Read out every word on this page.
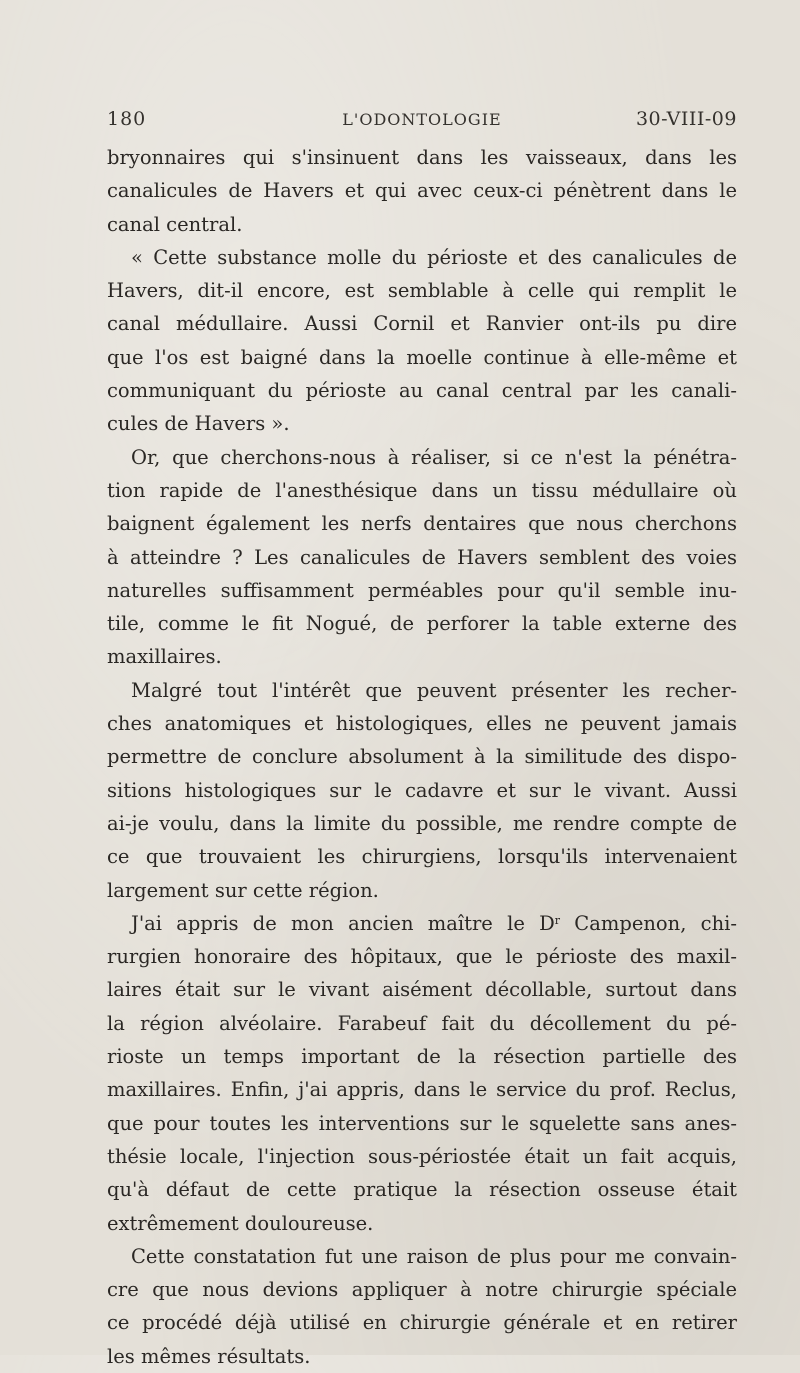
180	L'ODONTOLOGIE	30-VIII-09
bryonnaires qui s'insinuent dans les vaisseaux, dans les
canalicules de Havers et qui avec ceux-ci pénètrent dans le
canal central.
« Cette substance molle du périoste et des canalicules de
Havers, dit-il encore, est semblable à celle qui remplit le
canal médullaire. Aussi Cornil et Ranvier ont-ils pu dire
que l'os est baigné dans la moelle continue à elle-même et
communiquant du périoste au canal central par les canali-
cules de Havers ».
Or, que cherchons-nous à réaliser, si ce n'est la pénétra-
tion rapide de l'anesthésique dans un tissu médullaire où
baignent également les nerfs dentaires que nous cherchons
à atteindre ? Les canalicules de Havers semblent des voies
naturelles suffisamment perméables pour qu'il semble inu-
tile, comme le fit Nogué, de perforer la table externe des
maxillaires.
Malgré tout l'intérêt que peuvent présenter les recher-
ches anatomiques et histologiques, elles ne peuvent jamais
permettre de conclure absolument à la similitude des dispo-
sitions histologiques sur le cadavre et sur le vivant. Aussi
ai-je voulu, dans la limite du possible, me rendre compte de
ce que trouvaient les chirurgiens, lorsqu'ils intervenaient
largement sur cette région.
J'ai appris de mon ancien maître le $D^r$ Campenon, chi-
rurgien honoraire des hôpitaux, que le périoste des maxil-
laires était sur le vivant aisément décollable, surtout dans
la région alvéolaire. Farabeuf fait du décollement du pé-
rioste un temps important de la résection partielle des
maxillaires. Enfin, j'ai appris, dans le service du prof. Reclus,
que pour toutes les interventions sur le squelette sans anes-
thésie locale, l'injection sous-périostée était un fait acquis,
qu'à défaut de cette pratique la résection osseuse était
extrêmement douloureuse.
Cette constatation fut une raison de plus pour me convain-
cre que nous devions appliquer à notre chirurgie spéciale
ce procédé déjà utilisé en chirurgie générale et en retirer
les mêmes résultats.
